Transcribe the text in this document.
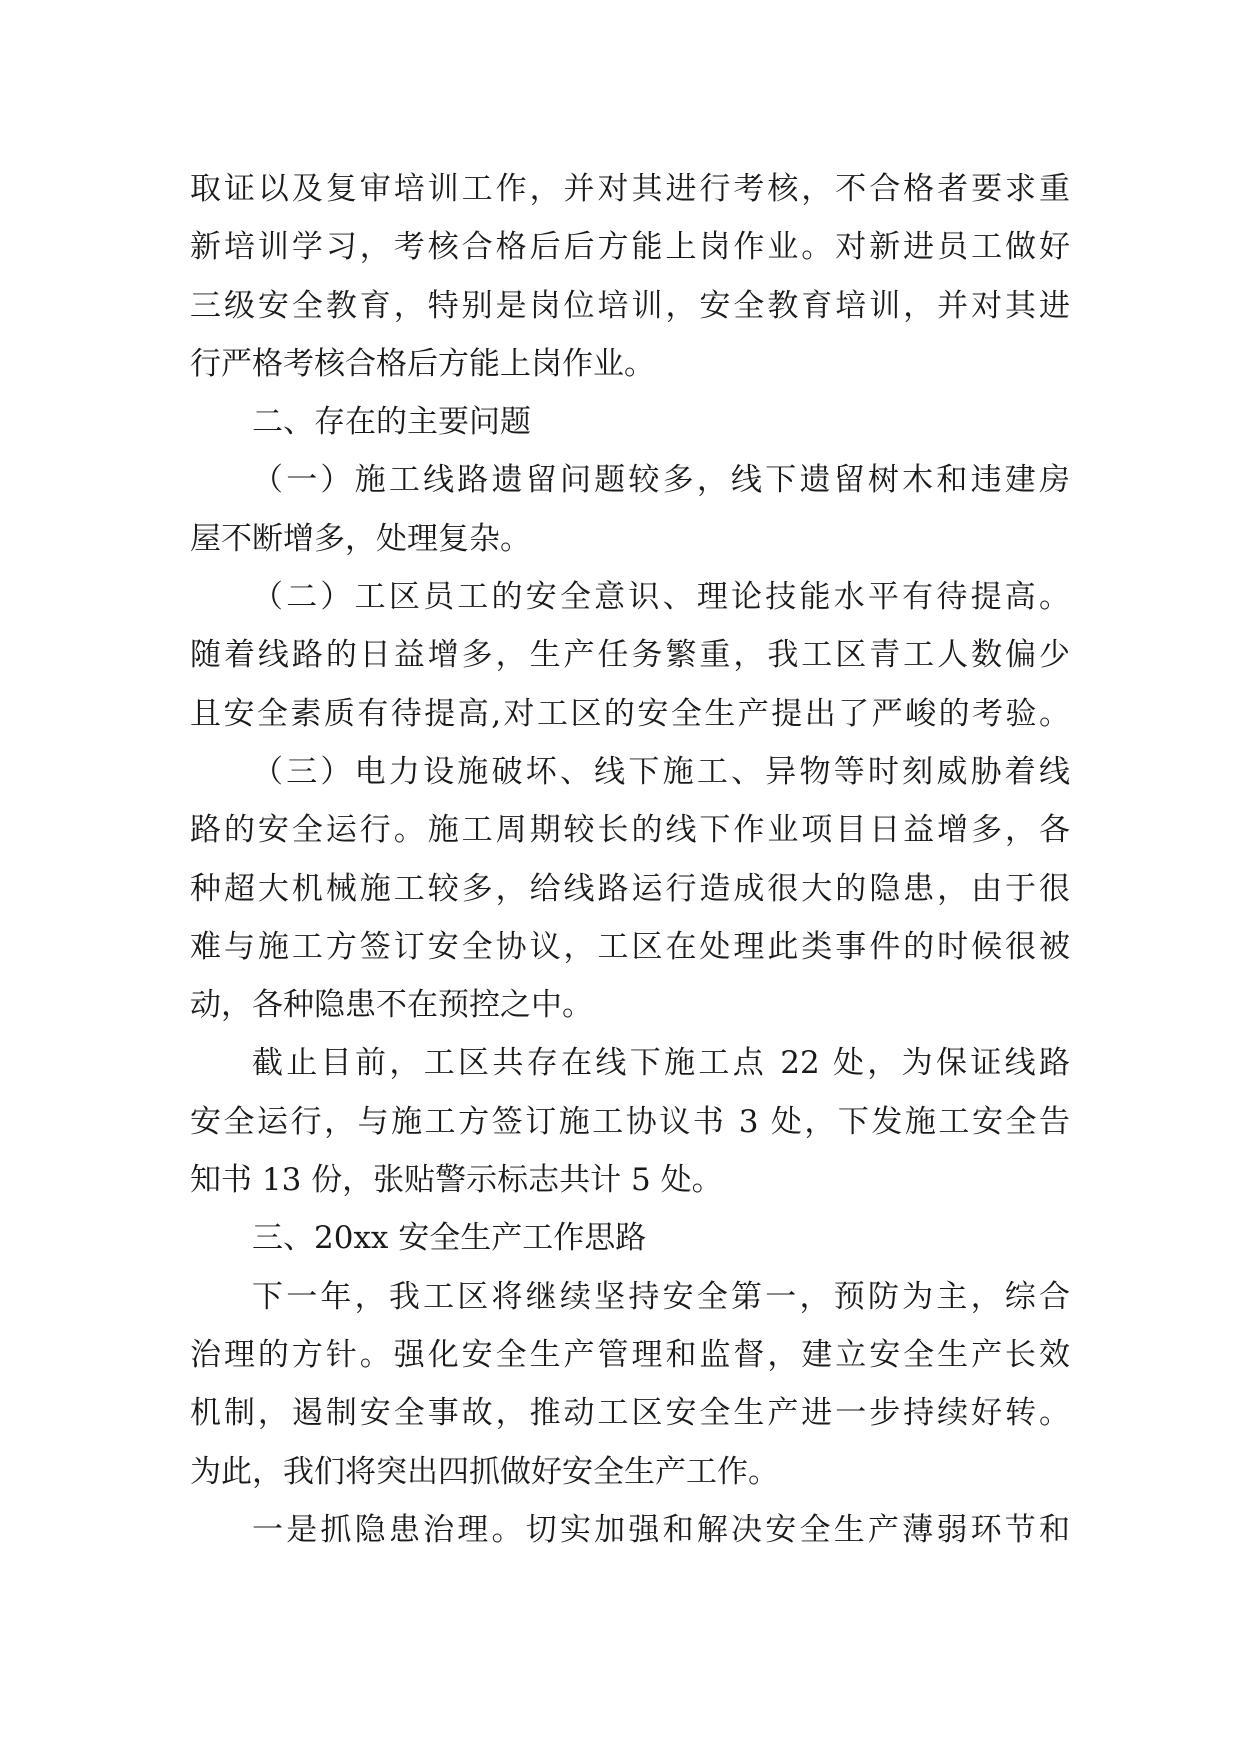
取证以及复审培训工作，并对其进行考核，不合格者要求重
新培训学习，考核合格后后方能上岗作业。对新进员工做好
三级安全教育，特别是岗位培训，安全教育培训，并对其进
行严格考核合格后方能上岗作业。
二、存在的主要问题
（一）施工线路遗留问题较多，线下遗留树木和违建房
屋不断增多，处理复杂。
（二）工区员工的安全意识、理论技能水平有待提高。
随着线路的日益增多，生产任务繁重，我工区青工人数偏少
且安全素质有待提高,对工区的安全生产提出了严峻的考验。
（三）电力设施破坏、线下施工、异物等时刻威胁着线
路的安全运行。施工周期较长的线下作业项目日益增多，各
种超大机械施工较多，给线路运行造成很大的隐患，由于很
难与施工方签订安全协议，工区在处理此类事件的时候很被
动，各种隐患不在预控之中。
截止目前，工区共存在线下施工点 22 处，为保证线路
安全运行，与施工方签订施工协议书 3 处，下发施工安全告
知书 13 份，张贴警示标志共计 5 处。
三、20xx 安全生产工作思路
下一年，我工区将继续坚持安全第一，预防为主，综合
治理的方针。强化安全生产管理和监督，建立安全生产长效
机制，遏制安全事故，推动工区安全生产进一步持续好转。
为此，我们将突出四抓做好安全生产工作。
一是抓隐患治理。切实加强和解决安全生产薄弱环节和
